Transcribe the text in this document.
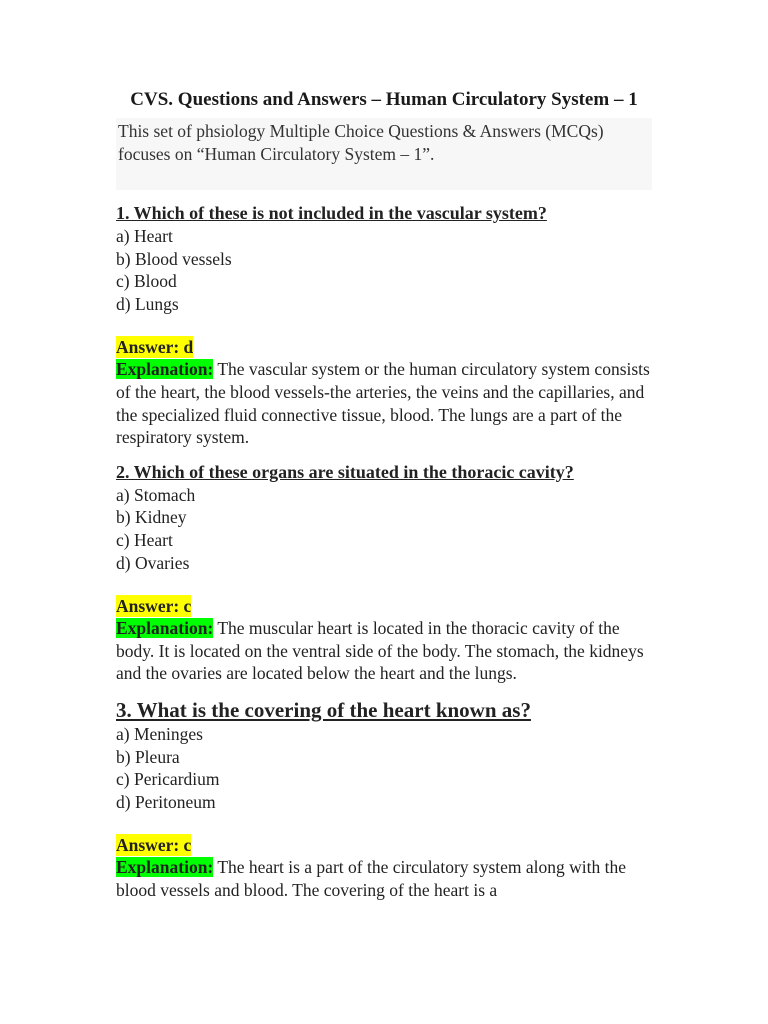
CVS. Questions and Answers – Human Circulatory System – 1
This set of phsiology Multiple Choice Questions & Answers (MCQs) focuses on “Human Circulatory System – 1”.
1. Which of these is not included in the vascular system?
a) Heart
b) Blood vessels
c) Blood
d) Lungs
Answer: d
Explanation: The vascular system or the human circulatory system consists of the heart, the blood vessels-the arteries, the veins and the capillaries, and the specialized fluid connective tissue, blood. The lungs are a part of the respiratory system.
2. Which of these organs are situated in the thoracic cavity?
a) Stomach
b) Kidney
c) Heart
d) Ovaries
Answer: c
Explanation: The muscular heart is located in the thoracic cavity of the body. It is located on the ventral side of the body. The stomach, the kidneys and the ovaries are located below the heart and the lungs.
3. What is the covering of the heart known as?
a) Meninges
b) Pleura
c) Pericardium
d) Peritoneum
Answer: c
Explanation: The heart is a part of the circulatory system along with the blood vessels and blood. The covering of the heart is a
